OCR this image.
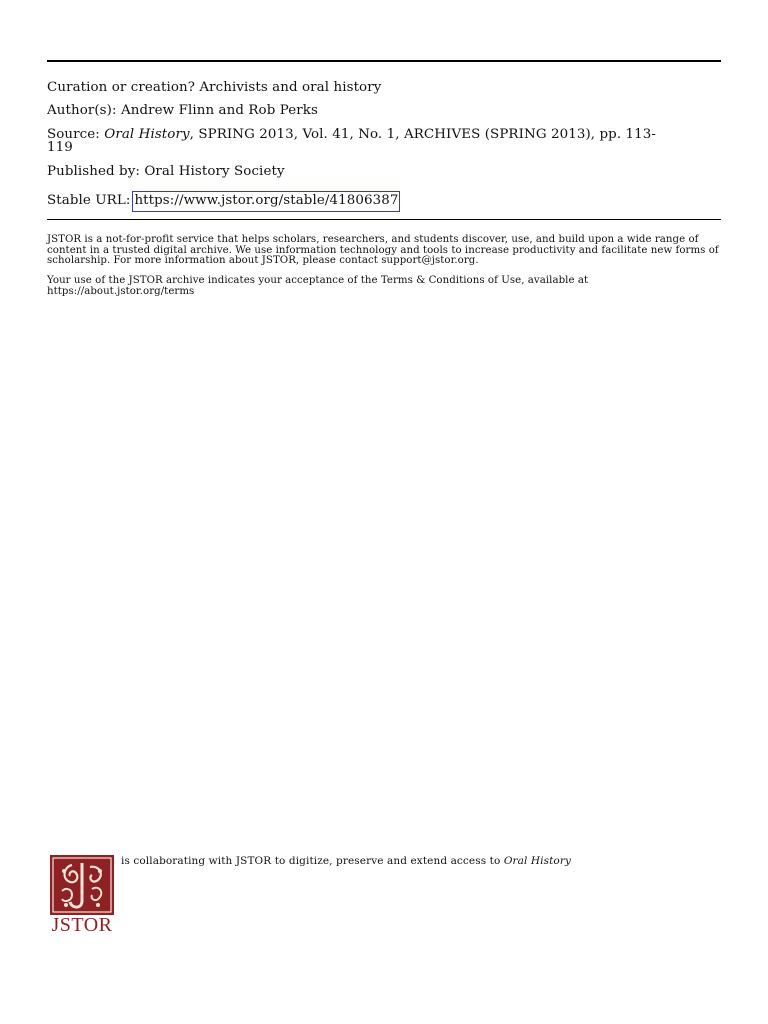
Curation or creation? Archivists and oral history
Author(s): Andrew Flinn and Rob Perks
Source: Oral History, SPRING 2013, Vol. 41, No. 1, ARCHIVES (SPRING 2013), pp. 113-
119
Published by: Oral History Society
Stable URL: https://www.jstor.org/stable/41806387
JSTOR is a not-for-profit service that helps scholars, researchers, and students discover, use, and build upon a wide range of content in a trusted digital archive. We use information technology and tools to increase productivity and facilitate new forms of scholarship. For more information about JSTOR, please contact support@jstor.org.
Your use of the JSTOR archive indicates your acceptance of the Terms & Conditions of Use, available at https://about.jstor.org/terms
JSTOR
is collaborating with JSTOR to digitize, preserve and extend access to Oral History
